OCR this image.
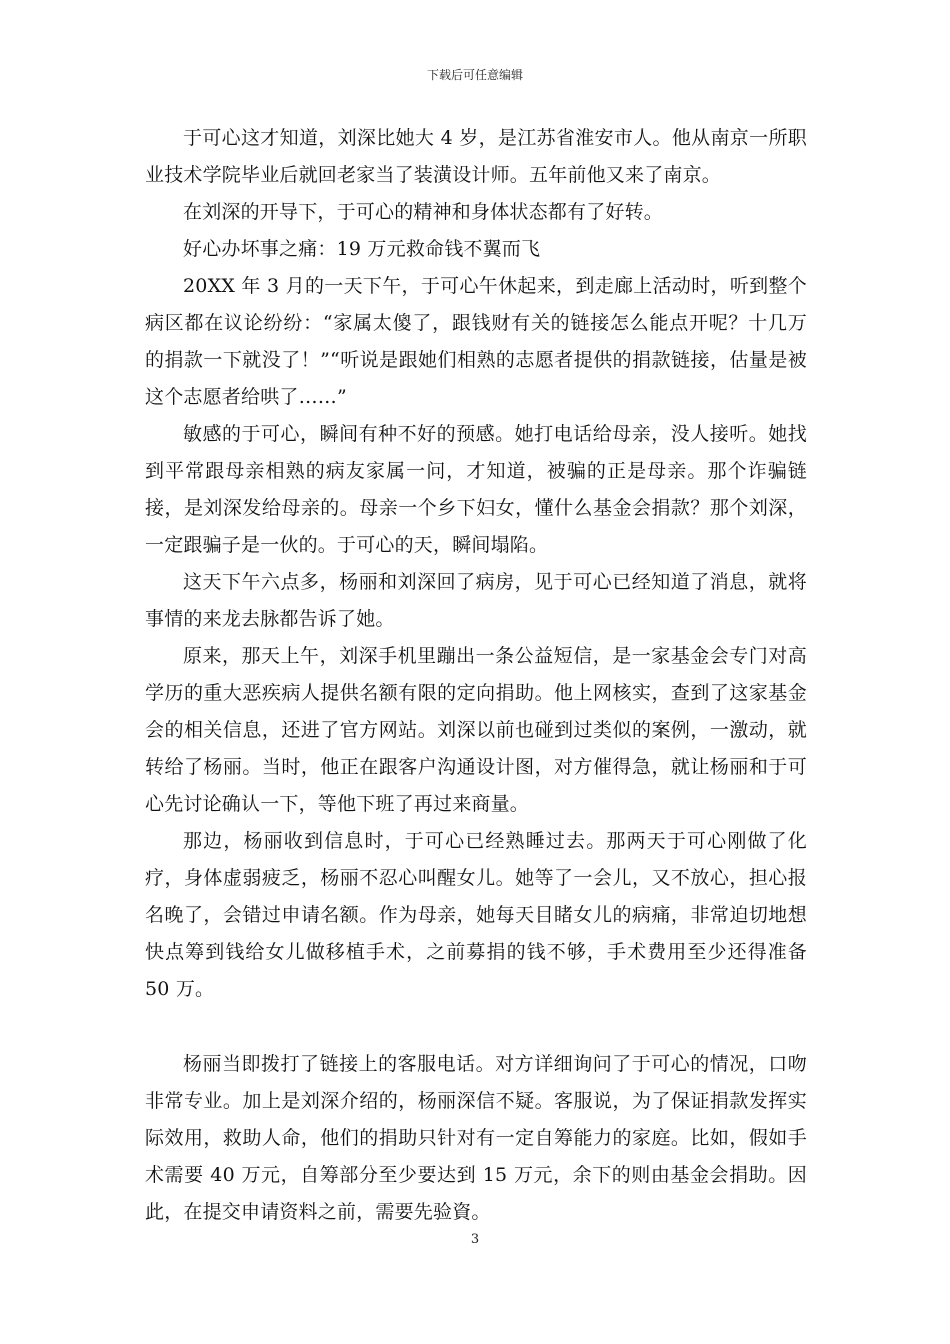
下载后可任意编辑

于可心这才知道，刘深比她大 4 岁，是江苏省淮安市人。他从南京一所职业技术学院毕业后就回老家当了装潢设计师。五年前他又来了南京。

在刘深的开导下，于可心的精神和身体状态都有了好转。

好心办坏事之痛：19 万元救命钱不翼而飞

20XX 年 3 月的一天下午，于可心午休起来，到走廊上活动时，听到整个病区都在议论纷纷：“家属太傻了，跟钱财有关的链接怎么能点开呢？十几万的捐款一下就没了！”“听说是跟她们相熟的志愿者提供的捐款链接，估量是被这个志愿者给哄了……”

敏感的于可心，瞬间有种不好的预感。她打电话给母亲，没人接听。她找到平常跟母亲相熟的病友家属一问，才知道，被骗的正是母亲。那个诈骗链接，是刘深发给母亲的。母亲一个乡下妇女，懂什么基金会捐款？那个刘深，一定跟骗子是一伙的。于可心的天，瞬间塌陷。

这天下午六点多，杨丽和刘深回了病房，见于可心已经知道了消息，就将事情的来龙去脉都告诉了她。

原来，那天上午，刘深手机里蹦出一条公益短信，是一家基金会专门对高学历的重大恶疾病人提供名额有限的定向捐助。他上网核实，查到了这家基金会的相关信息，还进了官方网站。刘深以前也碰到过类似的案例，一激动，就转给了杨丽。当时，他正在跟客户沟通设计图，对方催得急，就让杨丽和于可心先讨论确认一下，等他下班了再过来商量。

那边，杨丽收到信息时，于可心已经熟睡过去。那两天于可心刚做了化疗，身体虚弱疲乏，杨丽不忍心叫醒女儿。她等了一会儿，又不放心，担心报名晚了，会错过申请名额。作为母亲，她每天目睹女儿的病痛，非常迫切地想快点筹到钱给女儿做移植手术，之前募捐的钱不够，手术费用至少还得准备 50 万。

杨丽当即拨打了链接上的客服电话。对方详细询问了于可心的情况，口吻非常专业。加上是刘深介绍的，杨丽深信不疑。客服说，为了保证捐款发挥实际效用，救助人命，他们的捐助只针对有一定自筹能力的家庭。比如，假如手术需要 40 万元，自筹部分至少要达到 15 万元，余下的则由基金会捐助。因此，在提交申请资料之前，需要先验資。

3
